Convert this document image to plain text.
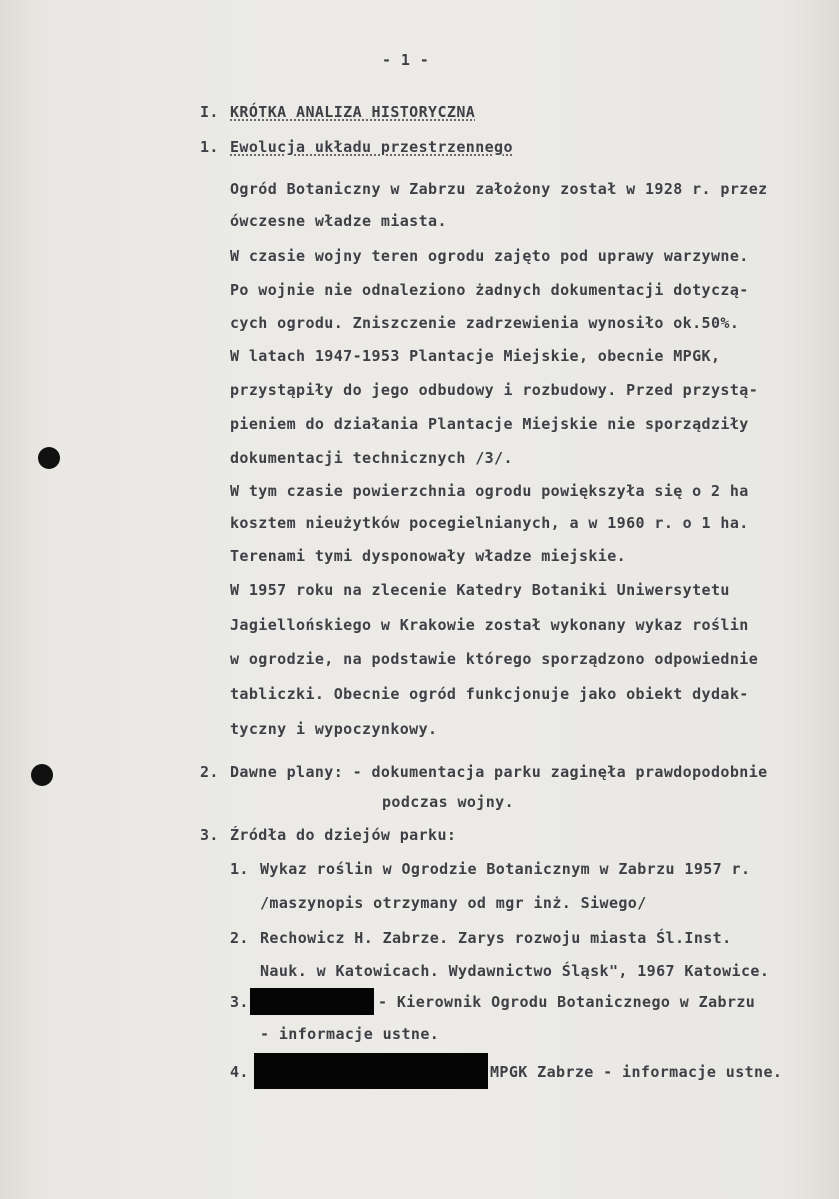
- 1 -
I. KRÓTKA ANALIZA HISTORYCZNA
1. Ewolucja układu przestrzennego
Ogród Botaniczny w Zabrzu założony został w 1928 r. przez
ówczesne władze miasta.
W czasie wojny teren ogrodu zajęto pod uprawy warzywne.
Po wojnie nie odnaleziono żadnych dokumentacji dotyczą-
cych ogrodu. Zniszczenie zadrzewienia wynosiło ok.50%.
W latach 1947-1953 Plantacje Miejskie, obecnie MPGK,
przystąpiły do jego odbudowy i rozbudowy. Przed przystą-
pieniem do działania Plantacje Miejskie nie sporządziły
dokumentacji technicznych /3/.
W tym czasie powierzchnia ogrodu powiększyła się o 2 ha
kosztem nieużytków pocegielnianych, a w 1960 r. o 1 ha.
Terenami tymi dysponowały władze miejskie.
W 1957 roku na zlecenie Katedry Botaniki Uniwersytetu
Jagiellońskiego w Krakowie został wykonany wykaz roślin
w ogrodzie, na podstawie którego sporządzono odpowiednie
tabliczki. Obecnie ogród funkcjonuje jako obiekt dydak-
tyczny i wypoczynkowy.
2. Dawne plany: - dokumentacja parku zaginęła prawdopodobnie
podczas wojny.
3. Źródła do dziejów parku:
1. Wykaz roślin w Ogrodzie Botanicznym w Zabrzu 1957 r.
/maszynopis otrzymany od mgr inż. Siwego/
2. Rechowicz H. Zabrze. Zarys rozwoju miasta Śl.Inst.
Nauk. w Katowicach. Wydawnictwo Śląsk", 1967 Katowice.
3.	- Kierownik Ogrodu Botanicznego w Zabrzu
- informacje ustne.
4.	MPGK Zabrze - informacje ustne.
